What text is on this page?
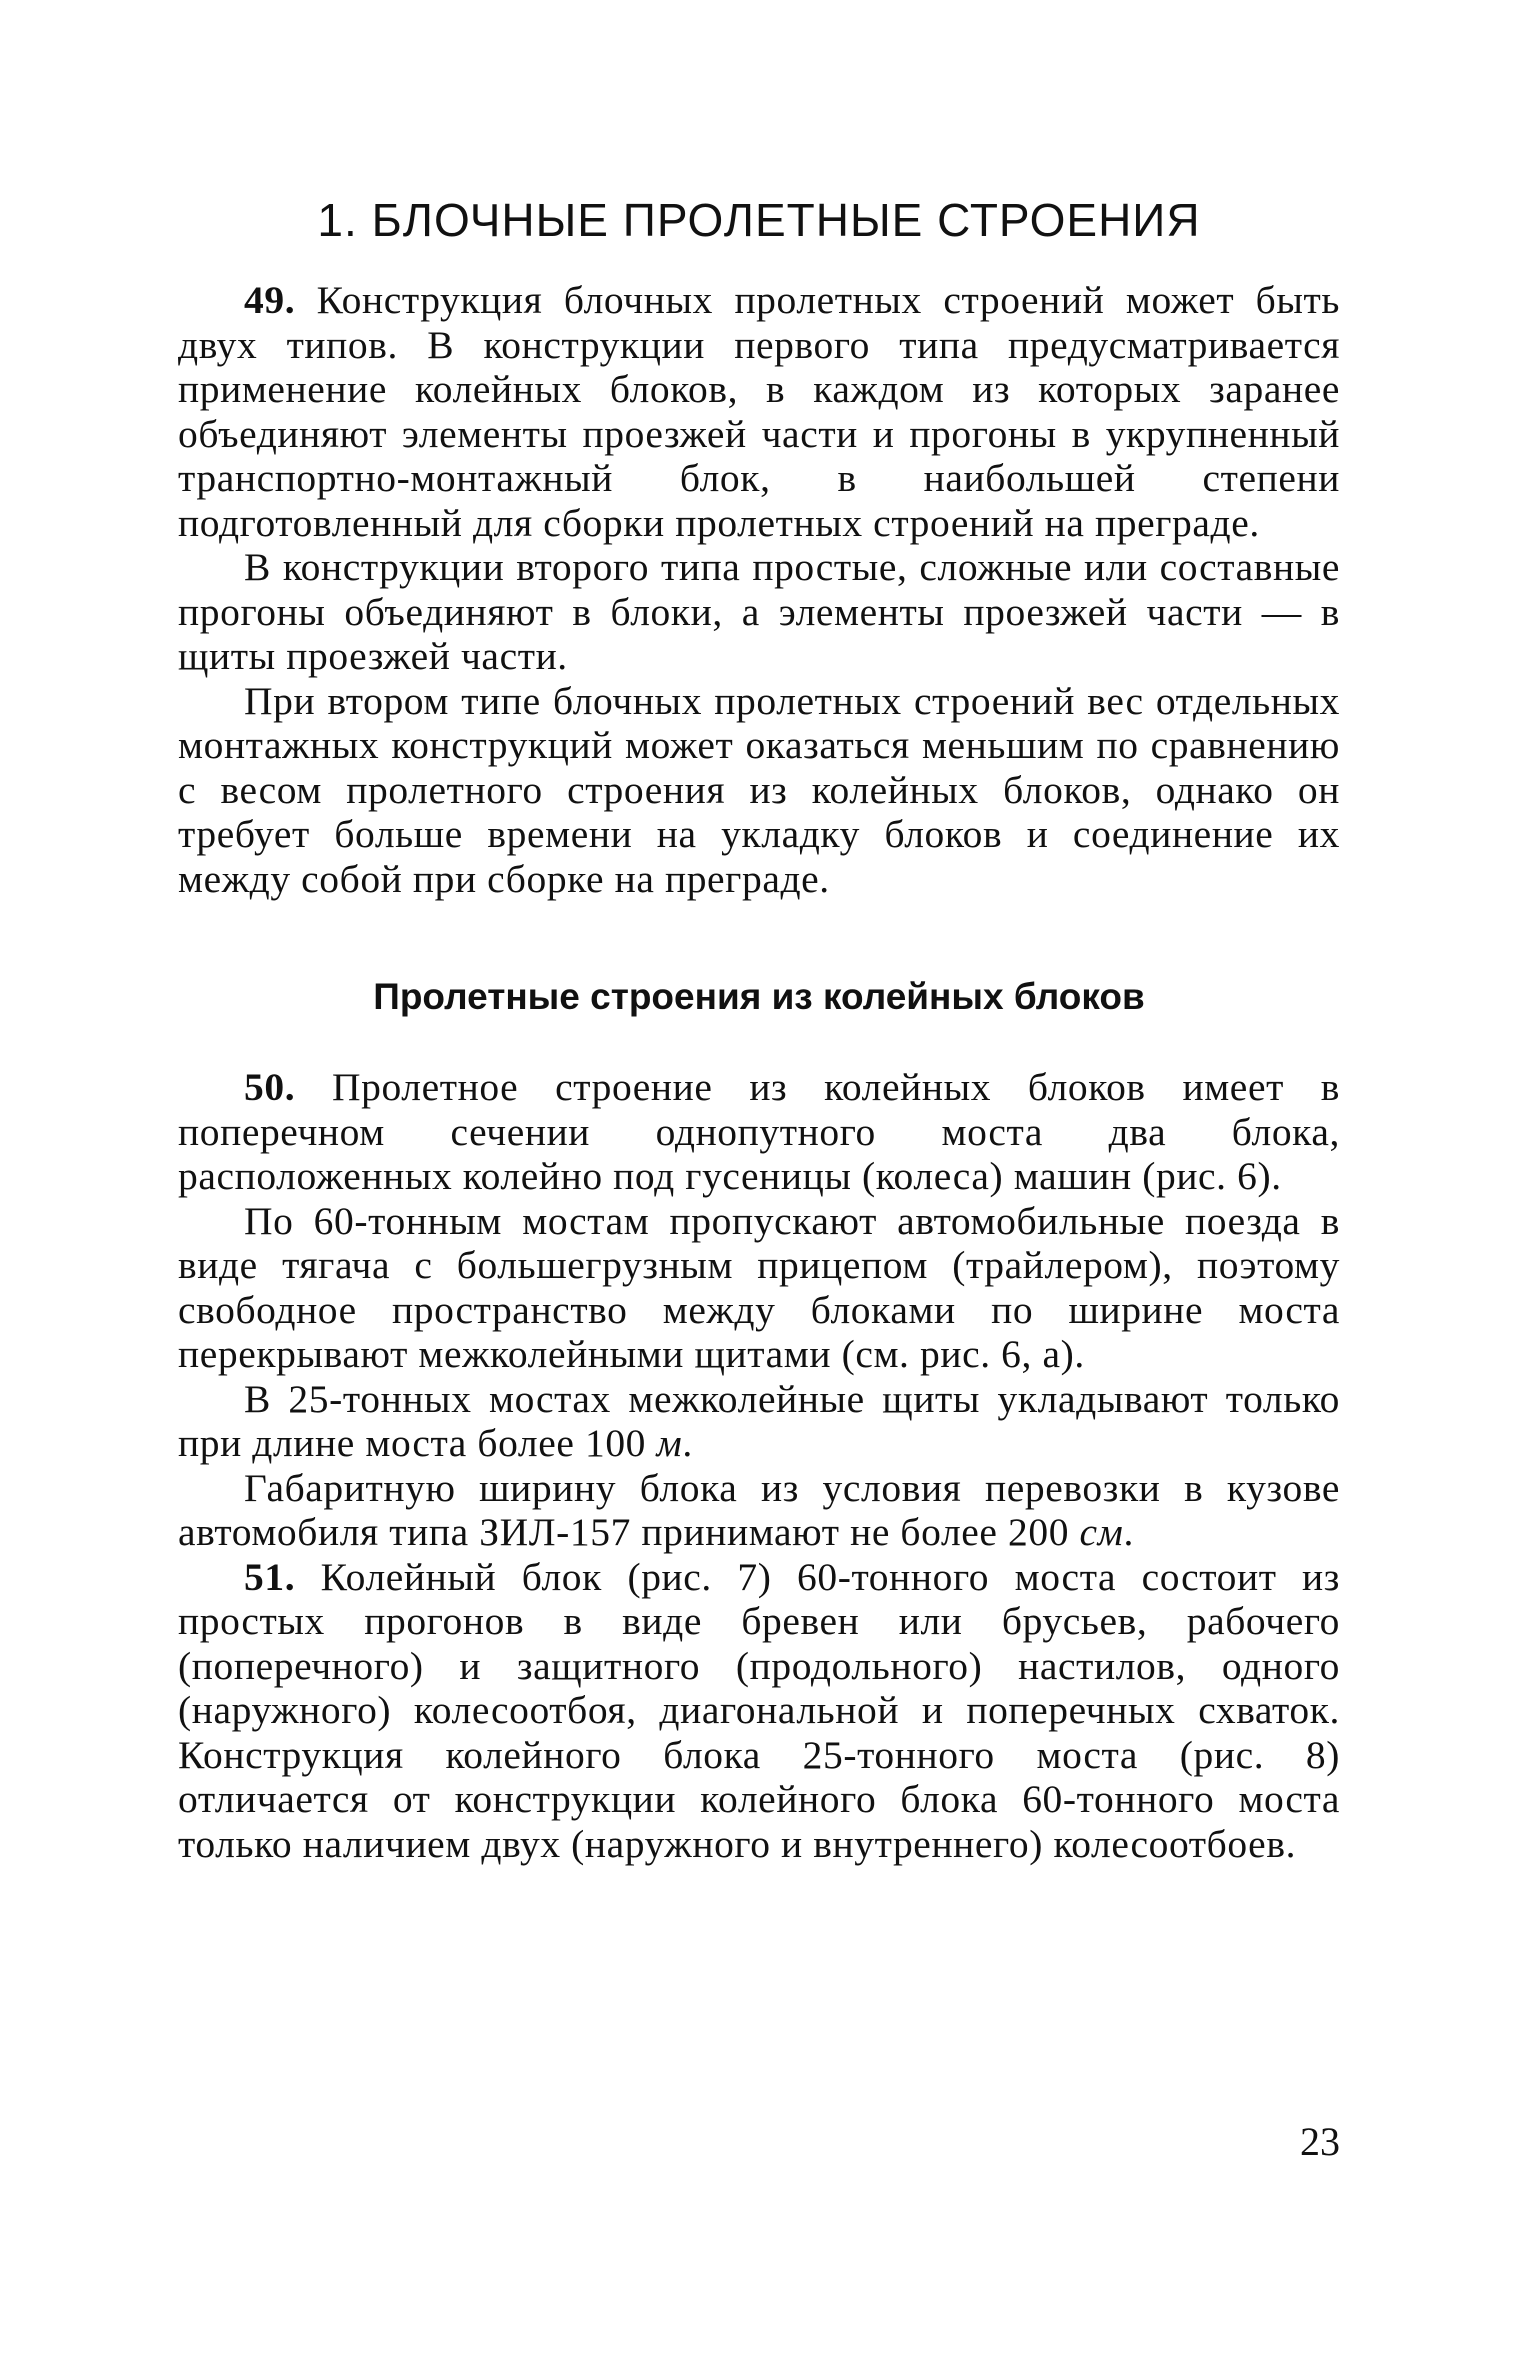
1. БЛОЧНЫЕ ПРОЛЕТНЫЕ СТРОЕНИЯ

49. Конструкция блочных пролетных строений может быть двух типов. В конструкции первого типа предусматривается применение колейных блоков, в каждом из которых заранее объединяют элементы проезжей части и прогоны в укрупненный транспортно-монтажный блок, в наибольшей степени подготовленный для сборки пролетных строений на преграде.

В конструкции второго типа простые, сложные или составные прогоны объединяют в блоки, а элементы проезжей части — в щиты проезжей части.

При втором типе блочных пролетных строений вес отдельных монтажных конструкций может оказаться меньшим по сравнению с весом пролетного строения из колейных блоков, однако он требует больше времени на укладку блоков и соединение их между собой при сборке на преграде.

Пролетные строения из колейных блоков

50. Пролетное строение из колейных блоков имеет в поперечном сечении однопутного моста два блока, расположенных колейно под гусеницы (колеса) машин (рис. 6).

По 60-тонным мостам пропускают автомобильные поезда в виде тягача с большегрузным прицепом (трайлером), поэтому свободное пространство между блоками по ширине моста перекрывают межколейными щитами (см. рис. 6, а).

В 25-тонных мостах межколейные щиты укладывают только при длине моста более 100 м.

Габаритную ширину блока из условия перевозки в кузове автомобиля типа ЗИЛ-157 принимают не более 200 см.

51. Колейный блок (рис. 7) 60-тонного моста состоит из простых прогонов в виде бревен или брусьев, рабочего (поперечного) и защитного (продольного) настилов, одного (наружного) колесоотбоя, диагональной и поперечных схваток. Конструкция колейного блока 25-тонного моста (рис. 8) отличается от конструкции колейного блока 60-тонного моста только наличием двух (наружного и внутреннего) колесоотбоев.

23
